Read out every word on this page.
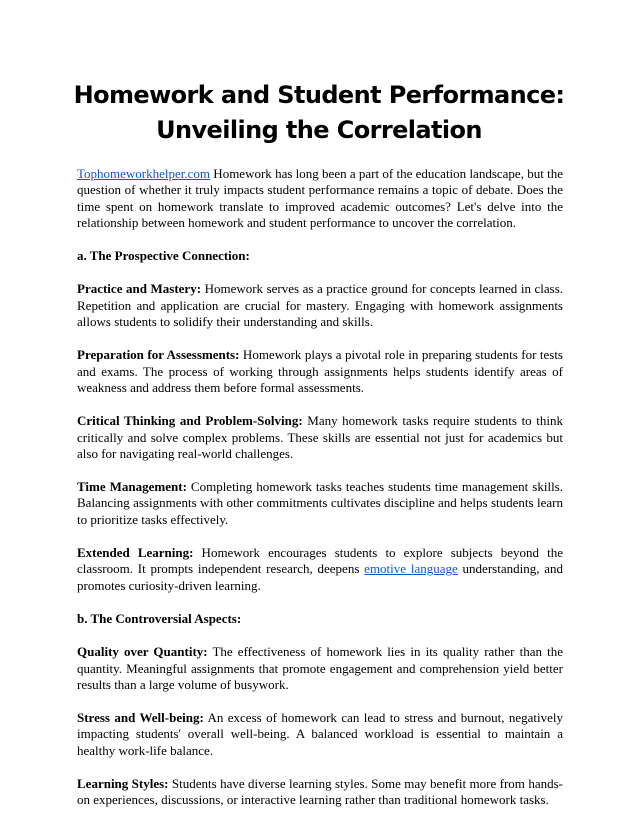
Homework and Student Performance:
Unveiling the Correlation

Tophomeworkhelper.com Homework has long been a part of the education landscape, but the question of whether it truly impacts student performance remains a topic of debate. Does the time spent on homework translate to improved academic outcomes? Let's delve into the relationship between homework and student performance to uncover the correlation.

a. The Prospective Connection:

Practice and Mastery: Homework serves as a practice ground for concepts learned in class. Repetition and application are crucial for mastery. Engaging with homework assignments allows students to solidify their understanding and skills.

Preparation for Assessments: Homework plays a pivotal role in preparing students for tests and exams. The process of working through assignments helps students identify areas of weakness and address them before formal assessments.

Critical Thinking and Problem-Solving: Many homework tasks require students to think critically and solve complex problems. These skills are essential not just for academics but also for navigating real-world challenges.

Time Management: Completing homework tasks teaches students time management skills. Balancing assignments with other commitments cultivates discipline and helps students learn to prioritize tasks effectively.

Extended Learning: Homework encourages students to explore subjects beyond the classroom. It prompts independent research, deepens emotive language understanding, and promotes curiosity-driven learning.

b. The Controversial Aspects:

Quality over Quantity: The effectiveness of homework lies in its quality rather than the quantity. Meaningful assignments that promote engagement and comprehension yield better results than a large volume of busywork.

Stress and Well-being: An excess of homework can lead to stress and burnout, negatively impacting students' overall well-being. A balanced workload is essential to maintain a healthy work-life balance.

Learning Styles: Students have diverse learning styles. Some may benefit more from hands-on experiences, discussions, or interactive learning rather than traditional homework tasks.
